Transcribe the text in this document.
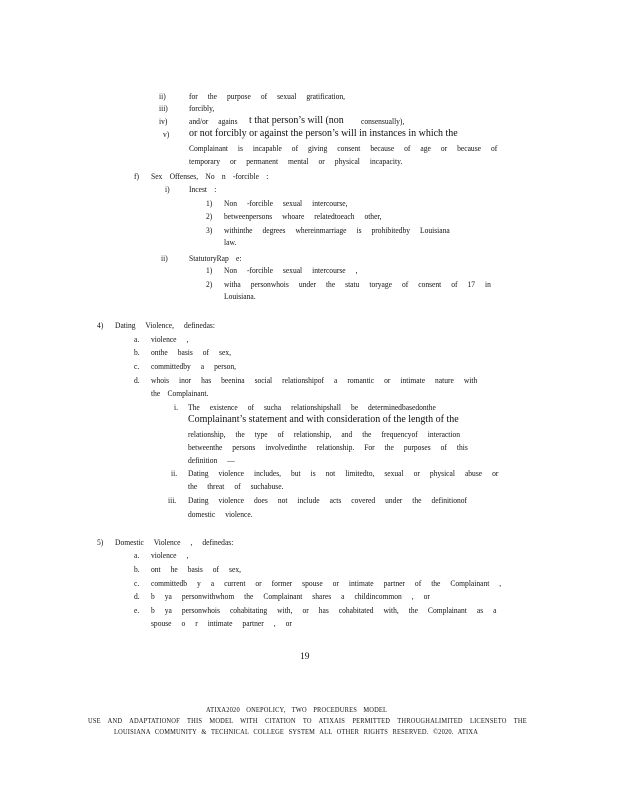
ii)	for the purpose of sexual gratification,
iii)	forcibly,
iv)	and/or agains t that person’s will (non consensually),
v) or not forcibly or against the person’s will in instances in which the
Complainant is incapable of giving consent because of age or because of
temporary or permanent mental or physical incapacity.
f) Sex Offenses, No n -forcible :
i) Incest :
1) Non -forcible sexual intercourse,
2) betweenpersons whoare relatedtoeach other,
3) withinthe degrees whereinmarriage is prohibitedby Louisiana
law.
ii)	StatutoryRap e:
1) Non -forcible sexual intercourse ,
2) witha personwhois under the statu toryage of consent of 17 in
Louisiana.
4) Dating Violence, definedas:
a. violence ,
b. onthe basis of sex,
c. committedby a person,
d. whois inor has beenina social relationshipof a romantic or intimate nature with
the Complainant.
i. The existence of sucha relationshipshall be determinedbasedonthe
Complainant’s statement and with consideration of the length of the
relationship, the type of relationship, and the frequencyof interaction
betweenthe persons involvedinthe relationship. For the purposes of this
definition —
ii. Dating violence includes, but is not limitedto, sexual or physical abuse or
the threat of suchabuse.
iii. Dating violence does not include acts covered under the definitionof
domestic violence.
5) Domestic Violence , definedas:
a. violence ,
b. ont he basis of sex,
c. committedb y a current or former spouse or intimate partner of the Complainant ,
d. b ya personwithwhom the Complainant shares a childincommon , or
e. b ya personwhois cohabitating with, or has cohabitated with, the Complainant as a
spouse o r intimate partner , or
19
ATIXA2020 ONEPOLICY, TWO PROCEDURES MODEL
USE AND ADAPTATIONOF THIS MODEL WITH CITATION TO ATIXAIS PERMITTED THROUGHALIMITED LICENSETO THE
LOUISIANA COMMUNITY & TECHNICAL COLLEGE SYSTEM ALL OTHER RIGHTS RESERVED. ©2020. ATIXA
